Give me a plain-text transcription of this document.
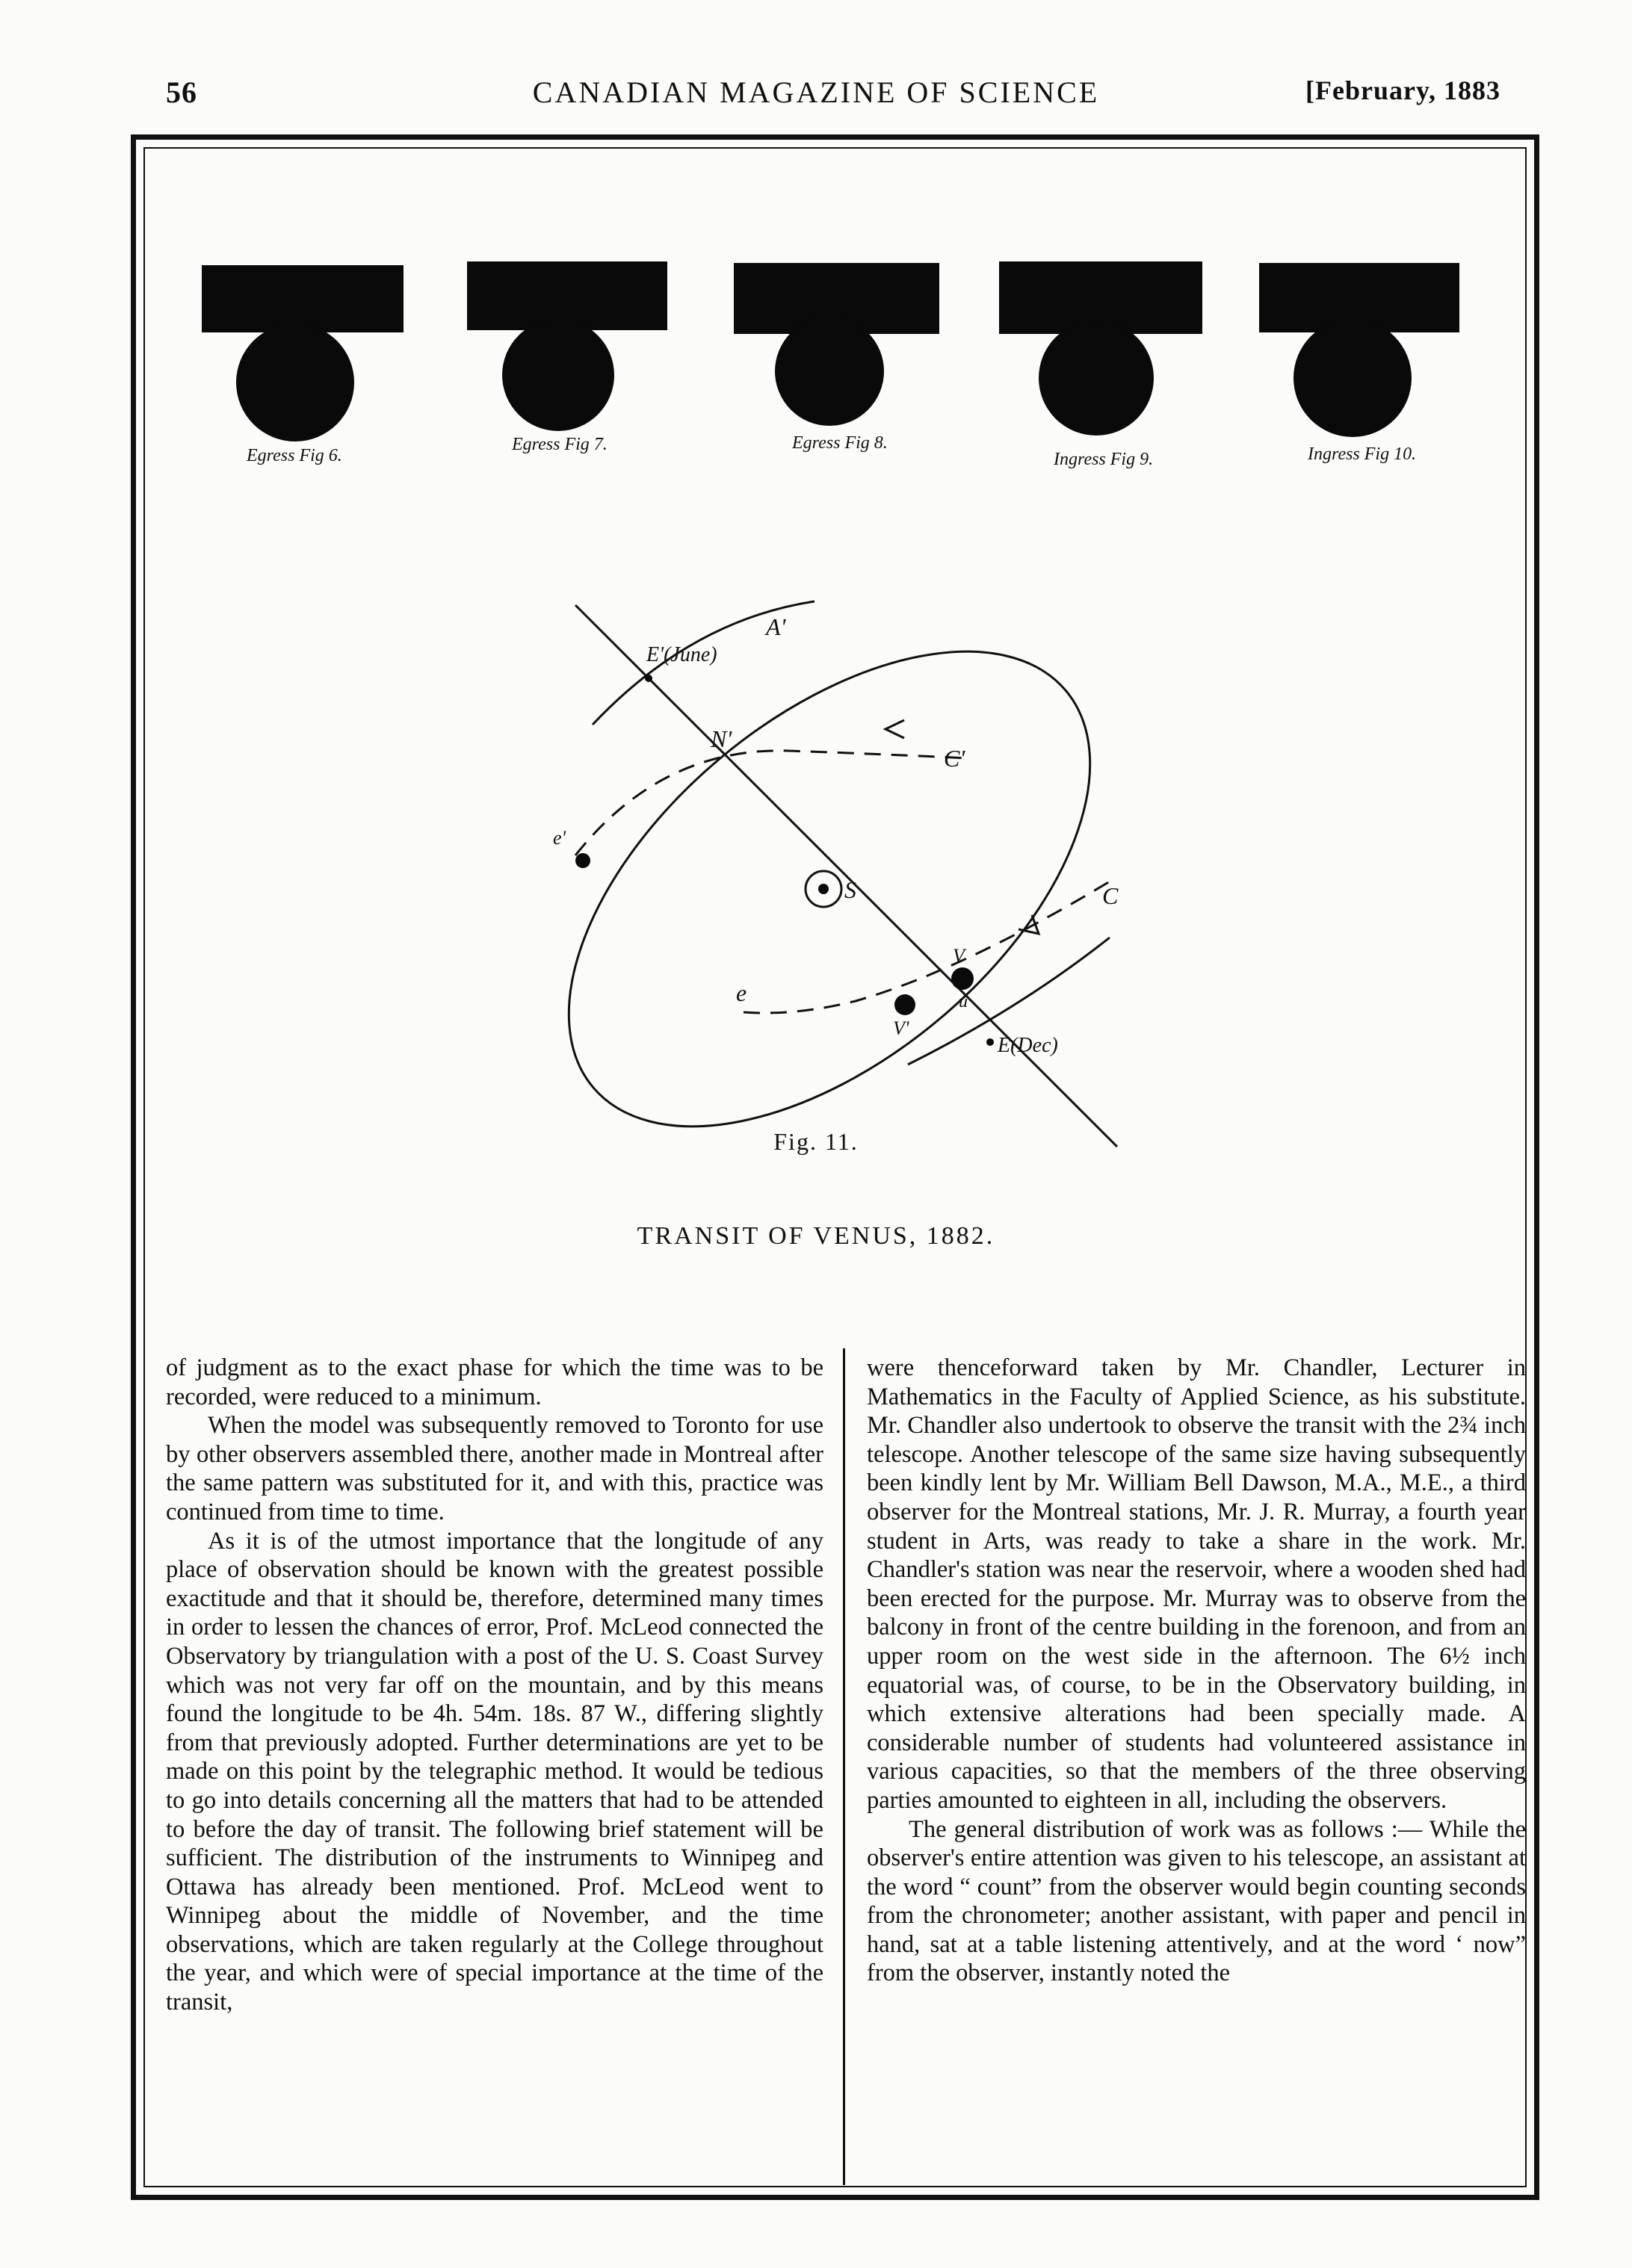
56	CANADIAN MAGAZINE OF SCIENCE	[February, 1883
Egress Fig 6.
Egress Fig 7.	Egress Fig 8.
Ingress Fig 9.	Ingress Fig 10.
E'(June)
A'
N'
C'
e'
S	C
V
u
V'
e
E(Dec)
Fig. 11.
TRANSIT OF VENUS, 1882.

of judgment as to the exact phase for which the time was to be recorded, were reduced to a minimum.

When the model was subsequently removed to Toronto for use by other observers assembled there, another made in Montreal after the same pattern was substituted for it, and with this, practice was continued from time to time.

As it is of the utmost importance that the longitude of any place of observation should be known with the greatest possible exactitude and that it should be, therefore, determined many times in order to lessen the chances of error, Prof. McLeod connected the Observatory by triangulation with a post of the U. S. Coast Survey which was not very far off on the mountain, and by this means found the longitude to be 4h. 54m. 18s. 87 W., differing slightly from that previously adopted. Further determinations are yet to be made on this point by the telegraphic method. It would be tedious to go into details concerning all the matters that had to be attended to before the day of transit. The following brief statement will be sufficient. The distribution of the instruments to Winnipeg and Ottawa has already been mentioned. Prof. McLeod went to Winnipeg about the middle of November, and the time observations, which are taken regularly at the College throughout the year, and which were of special importance at the time of the transit,

were thenceforward taken by Mr. Chandler, Lecturer in Mathematics in the Faculty of Applied Science, as his substitute. Mr. Chandler also undertook to observe the transit with the 2¾ inch telescope. Another telescope of the same size having subsequently been kindly lent by Mr. William Bell Dawson, M.A., M.E., a third observer for the Montreal stations, Mr. J. R. Murray, a fourth year student in Arts, was ready to take a share in the work. Mr. Chandler's station was near the reservoir, where a wooden shed had been erected for the purpose. Mr. Murray was to observe from the balcony in front of the centre building in the forenoon, and from an upper room on the west side in the afternoon. The 6½ inch equatorial was, of course, to be in the Observatory building, in which extensive alterations had been specially made. A considerable number of students had volunteered assistance in various capacities, so that the members of the three observing parties amounted to eighteen in all, including the observers.

The general distribution of work was as follows :— While the observer's entire attention was given to his telescope, an assistant at the word “ count” from the observer would begin counting seconds from the chronometer; another assistant, with paper and pencil in hand, sat at a table listening attentively, and at the word ‘ now” from the observer, instantly noted the
